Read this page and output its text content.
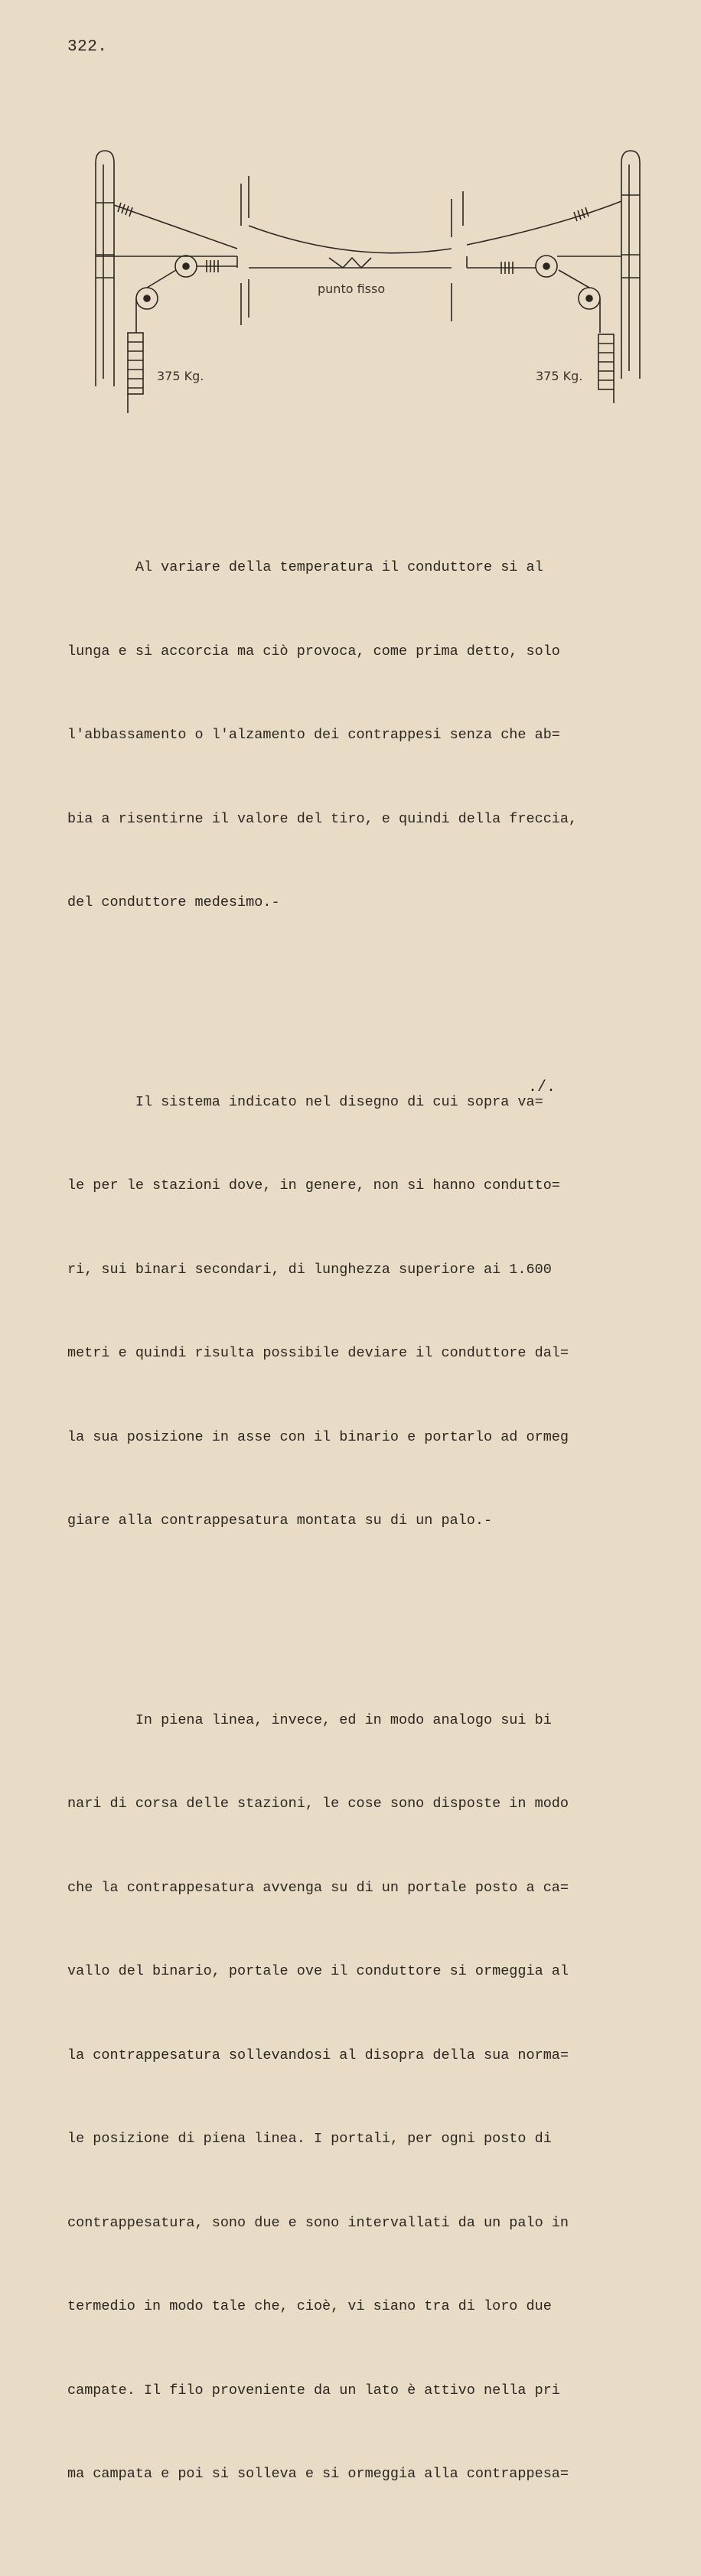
322.
375 Kg.
punto fisso
375 Kg.

Al variare della temperatura il conduttore si al

lunga e si accorcia ma ciò provoca, come prima detto, solo

l'abbassamento o l'alzamento dei contrappesi senza che ab=

bia a risentirne il valore del tiro, e quindi della freccia,

del conduttore medesimo.-

Il sistema indicato nel disegno di cui sopra va=

le per le stazioni dove, in genere, non si hanno condutto=

ri, sui binari secondari, di lunghezza superiore ai 1.600

metri e quindi risulta possibile deviare il conduttore dal=

la sua posizione in asse con il binario e portarlo ad ormeg

giare alla contrappesatura montata su di un palo.-

In piena linea, invece, ed in modo analogo sui bi

nari di corsa delle stazioni, le cose sono disposte in modo

che la contrappesatura avvenga su di un portale posto a ca=

vallo del binario, portale ove il conduttore si ormeggia al

la contrappesatura sollevandosi al disopra della sua norma=

le posizione di piena linea. I portali, per ogni posto di

contrappesatura, sono due e sono intervallati da un palo in

termedio in modo tale che, cioè, vi siano tra di loro due

campate. Il filo proveniente da un lato è attivo nella pri

ma campata e poi si solleva e si ormeggia alla contrappesa=

./.
